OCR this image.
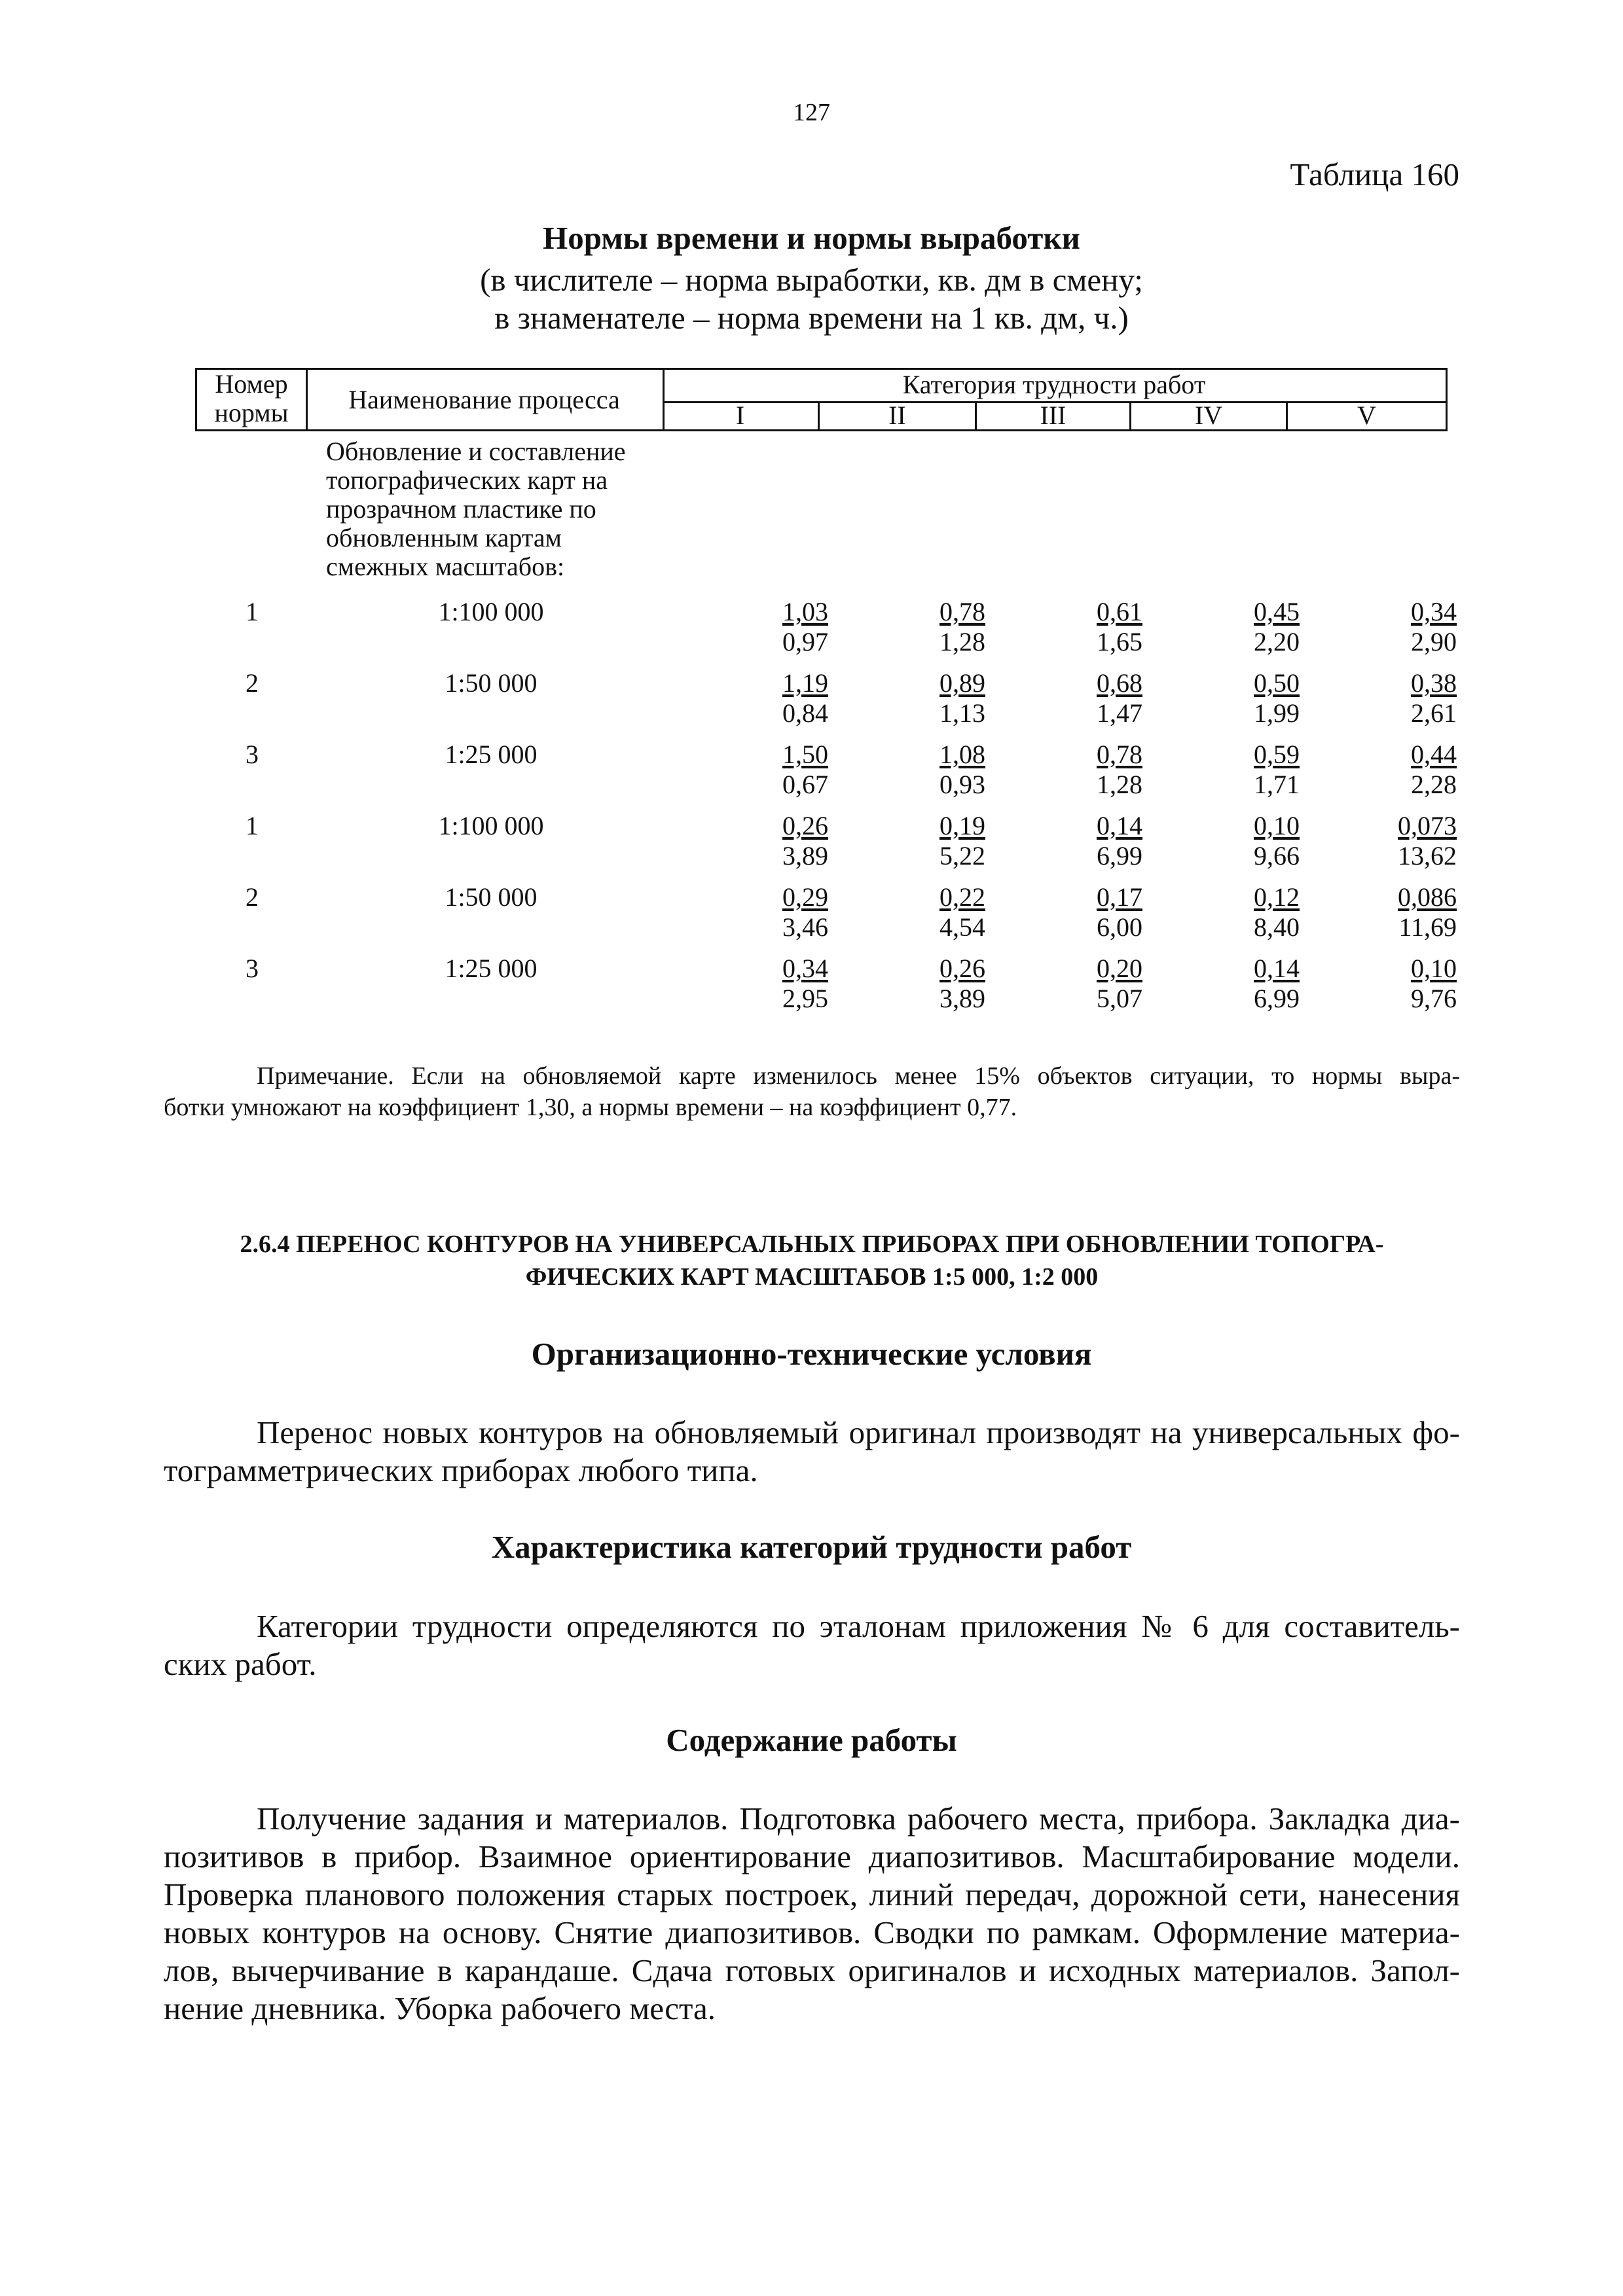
127
Таблица 160
Нормы времени и нормы выработки
(в числителе – норма выработки, кв. дм в смену;
в знаменателе – норма времени на 1 кв. дм, ч.)
Номер
нормы	Наименование процесса
Категория трудности работ
I	II	III	IV	V
Обновление и составление
топографических карт на
прозрачном пластике по
обновленным картам
смежных масштабов:
1	1:100 000	$\frac{1,03}{0,97} \frac{0,78}{1,28} \frac{0,61}{1,65} \frac{0,45}{2,20} \frac{0,34}{2,90}$
2	1:50 000	$\frac{1,19}{0,84} \frac{0,89}{1,13} \frac{0,68}{1,47} \frac{0,50}{1,99} \frac{0,38}{2,61}$
3	1:25 000	$\frac{1,50}{0,67} \frac{1,08}{0,93} \frac{0,78}{1,28} \frac{0,59}{1,71} \frac{0,44}{2,28}$
1	1:100 000	$\frac{0,26}{3,89} \frac{0,19}{5,22} \frac{0,14}{6,99} \frac{0,10}{9,66} \frac{0,073}{13,62}$
2	1:50 000	$\frac{0,29}{3,46} \frac{0,22}{4,54} \frac{0,17}{6,00} \frac{0,12}{8,40} \frac{0,086}{11,69}$
3	1:25 000	$\frac{0,34}{2,95} \frac{0,26}{3,89} \frac{0,20}{5,07} \frac{0,14}{6,99} \frac{0,10}{9,76}$
Примечание. Если на обновляемой карте изменилось менее 15% объектов ситуации, то нормы выра-
ботки умножают на коэффициент 1,30, а нормы времени – на коэффициент 0,77.
2.6.4 ПЕРЕНОС КОНТУРОВ НА УНИВЕРСАЛЬНЫХ ПРИБОРАХ ПРИ ОБНОВЛЕНИИ ТОПОГРА-
ФИЧЕСКИХ КАРТ МАСШТАБОВ 1:5 000, 1:2 000
Организационно-технические условия
Перенос новых контуров на обновляемый оригинал производят на универсальных фо-
тограмметрических приборах любого типа.
Характеристика категорий трудности работ
Категории трудности определяются по эталонам приложения № 6 для составитель-
ских работ.
Содержание работы
Получение задания и материалов. Подготовка рабочего места, прибора. Закладка диа-
позитивов в прибор. Взаимное ориентирование диапозитивов. Масштабирование модели.
Проверка планового положения старых построек, линий передач, дорожной сети, нанесения
новых контуров на основу. Снятие диапозитивов. Сводки по рамкам. Оформление материа-
лов, вычерчивание в карандаше. Сдача готовых оригиналов и исходных материалов. Запол-
нение дневника. Уборка рабочего места.
